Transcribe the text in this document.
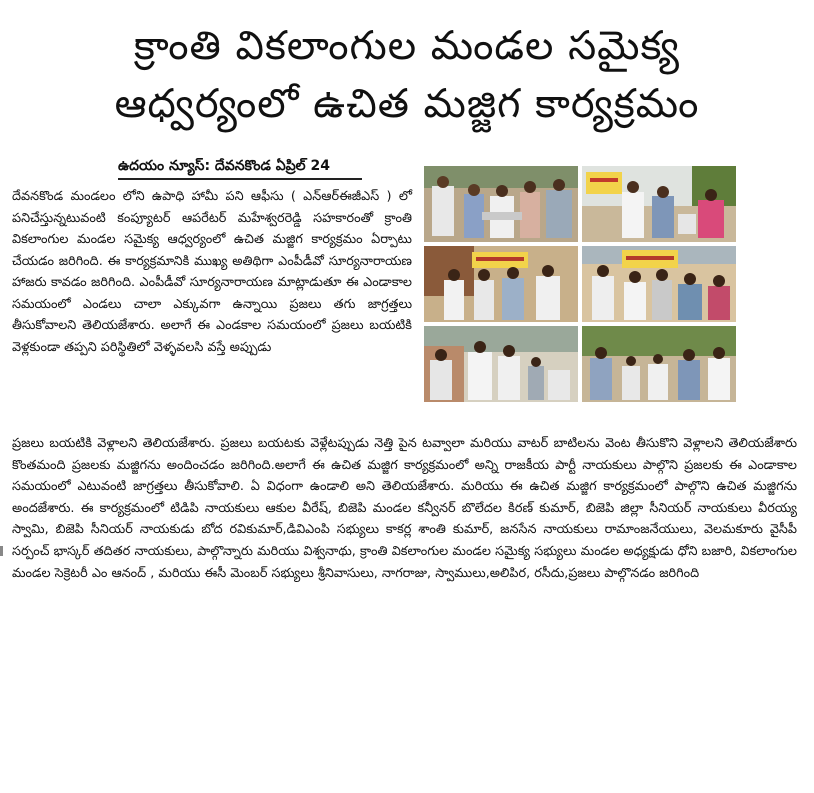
క్రాంతి వికలాంగుల మండల సమైక్య
ఆధ్వర్యంలో ఉచిత మజ్జిగ కార్యక్రమం
ఉదయం న్యూస్: దేవనకొండ ఏప్రిల్ 24
దేవనకొండ మండలం లోని ఉపాధి హామీ పని ఆఫీసు ( ఎన్ఆర్ఈజీఎస్ ) లో పనిచేస్తున్నటువంటి కంప్యూటర్ ఆపరేటర్ మహేశ్వరరెడ్డి సహకారంతో క్రాంతి వికలాంగుల మండల సమైక్య ఆధ్వర్యంలో ఉచిత మజ్జిగ కార్యక్రమం ఏర్పాటు చేయడం జరిగింది. ఈ కార్యక్రమానికి ముఖ్య అతిథిగా ఎంపీడీవో సూర్యనారాయణ హాజరు కావడం జరిగింది. ఎంపీడీవో సూర్యనారాయణ మాట్లాడుతూ ఈ ఎండాకాల సమయంలో ఎండలు చాలా ఎక్కువగా ఉన్నాయి ప్రజలు తగు జాగ్రత్తలు తీసుకోవాలని తెలియజేశారు. అలాగే ఈ ఎండకాల సమయంలో ప్రజలు బయటికి వెళ్లకుండా తప్పని పరిస్థితిలో వెళ్ళవలసి వస్తే అప్పుడు
ప్రజలు బయటికి వెళ్లాలని తెలియజేశారు. ప్రజలు బయటకు వెళ్లేటప్పుడు నెత్తి పైన టవ్వాలా మరియు వాటర్ బాటిలను వెంట తీసుకొని వెళ్లాలని తెలియజేశారు కొంతమంది ప్రజలకు మజ్జిగను అందించడం జరిగింది.అలాగే ఈ ఉచిత మజ్జిగ కార్యక్రమంలో అన్ని రాజకీయ పార్టీ నాయకులు పాల్గొని ప్రజలకు ఈ ఎండాకాల సమయంలో ఎటువంటి జాగ్రత్తలు తీసుకోవాలి. ఏ విధంగా ఉండాలి అని తెలియజేశారు. మరియు ఈ ఉచిత మజ్జిగ కార్యక్రమంలో పాల్గొని ఉచిత మజ్జిగను అందజేశారు. ఈ కార్యక్రమంలో టిడిపి నాయకులు ఆకుల వీరేష్, బిజెపి మండల కన్వీనర్ బొలేదల కిరణ్ కుమార్, బిజెపి జిల్లా సీనియర్ నాయకులు వీరయ్య స్వామి, బిజెపి సీనియర్ నాయకుడు బోద రవికుమార్,డివిఎంపి సభ్యులు కాకర్ల శాంతి కుమార్, జనసేన నాయకులు రామాంజనేయులు, వెలమకూరు వైసీపీ సర్పంచ్ భాస్కర్ తదితర నాయకులు, పాల్గొన్నారు మరియు విశ్వనాథు, క్రాంతి వికలాంగుల మండల సమైక్య సభ్యులు మండల అధ్యక్షుడు ధోని బజారి, వికలాంగుల మండల సెక్రెటరీ ఎం ఆనంద్ , మరియు ఈసీ మెంబర్ సభ్యులు శ్రీనివాసులు, నాగరాజు, స్వాములు,అలిపిర, రసీదు,ప్రజలు పాల్గొనడం జరిగింది
